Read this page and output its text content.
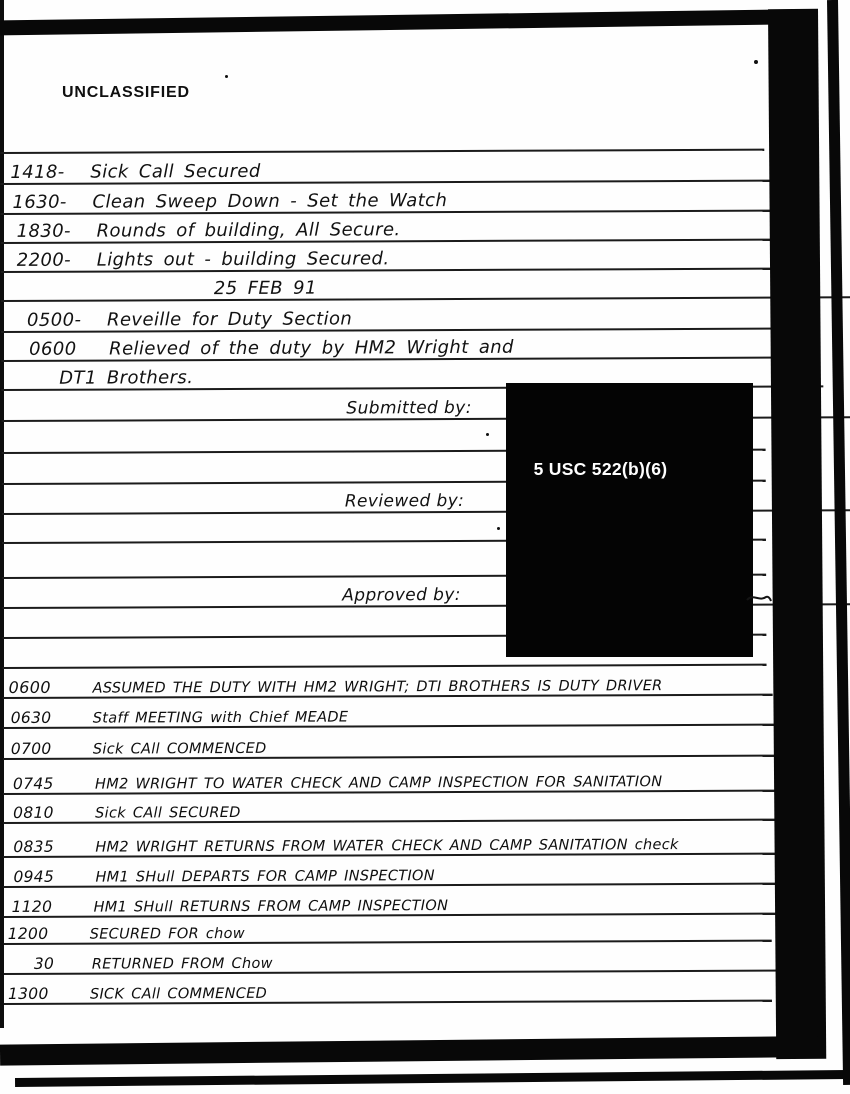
UNCLASSIFIED
1418-	Sick Call Secured
1630-	Clean Sweep Down - Set the Watch
1830-	Rounds of building, All Secure.
2200-	Lights out - building Secured.
25 FEB 91
0500-	Reveille for Duty Section
0600	Relieved of the duty by HM2 Wright and
DT1 Brothers.
Submitted by:
Reviewed by:
Approved by:
0600	ASSUMED THE DUTY WITH HM2 WRIGHT; DTI BROTHERS IS DUTY DRIVER
0630	Staff MEETING with Chief MEADE
0700	Sick CAll COMMENCED
0745	HM2 WRIGHT TO WATER CHECK AND CAMP INSPECTION FOR SANITATION
0810	Sick CAll SECURED
0835	HM2 WRIGHT RETURNS FROM WATER CHECK AND CAMP SANITATION check
0945	HM1 SHull DEPARTS FOR CAMP INSPECTION
1120	HM1 SHull RETURNS FROM CAMP INSPECTION
1200	SECURED FOR chow
30	RETURNED FROM Chow
1300	SICK CAll COMMENCED
5 USC 522(b)(6)
